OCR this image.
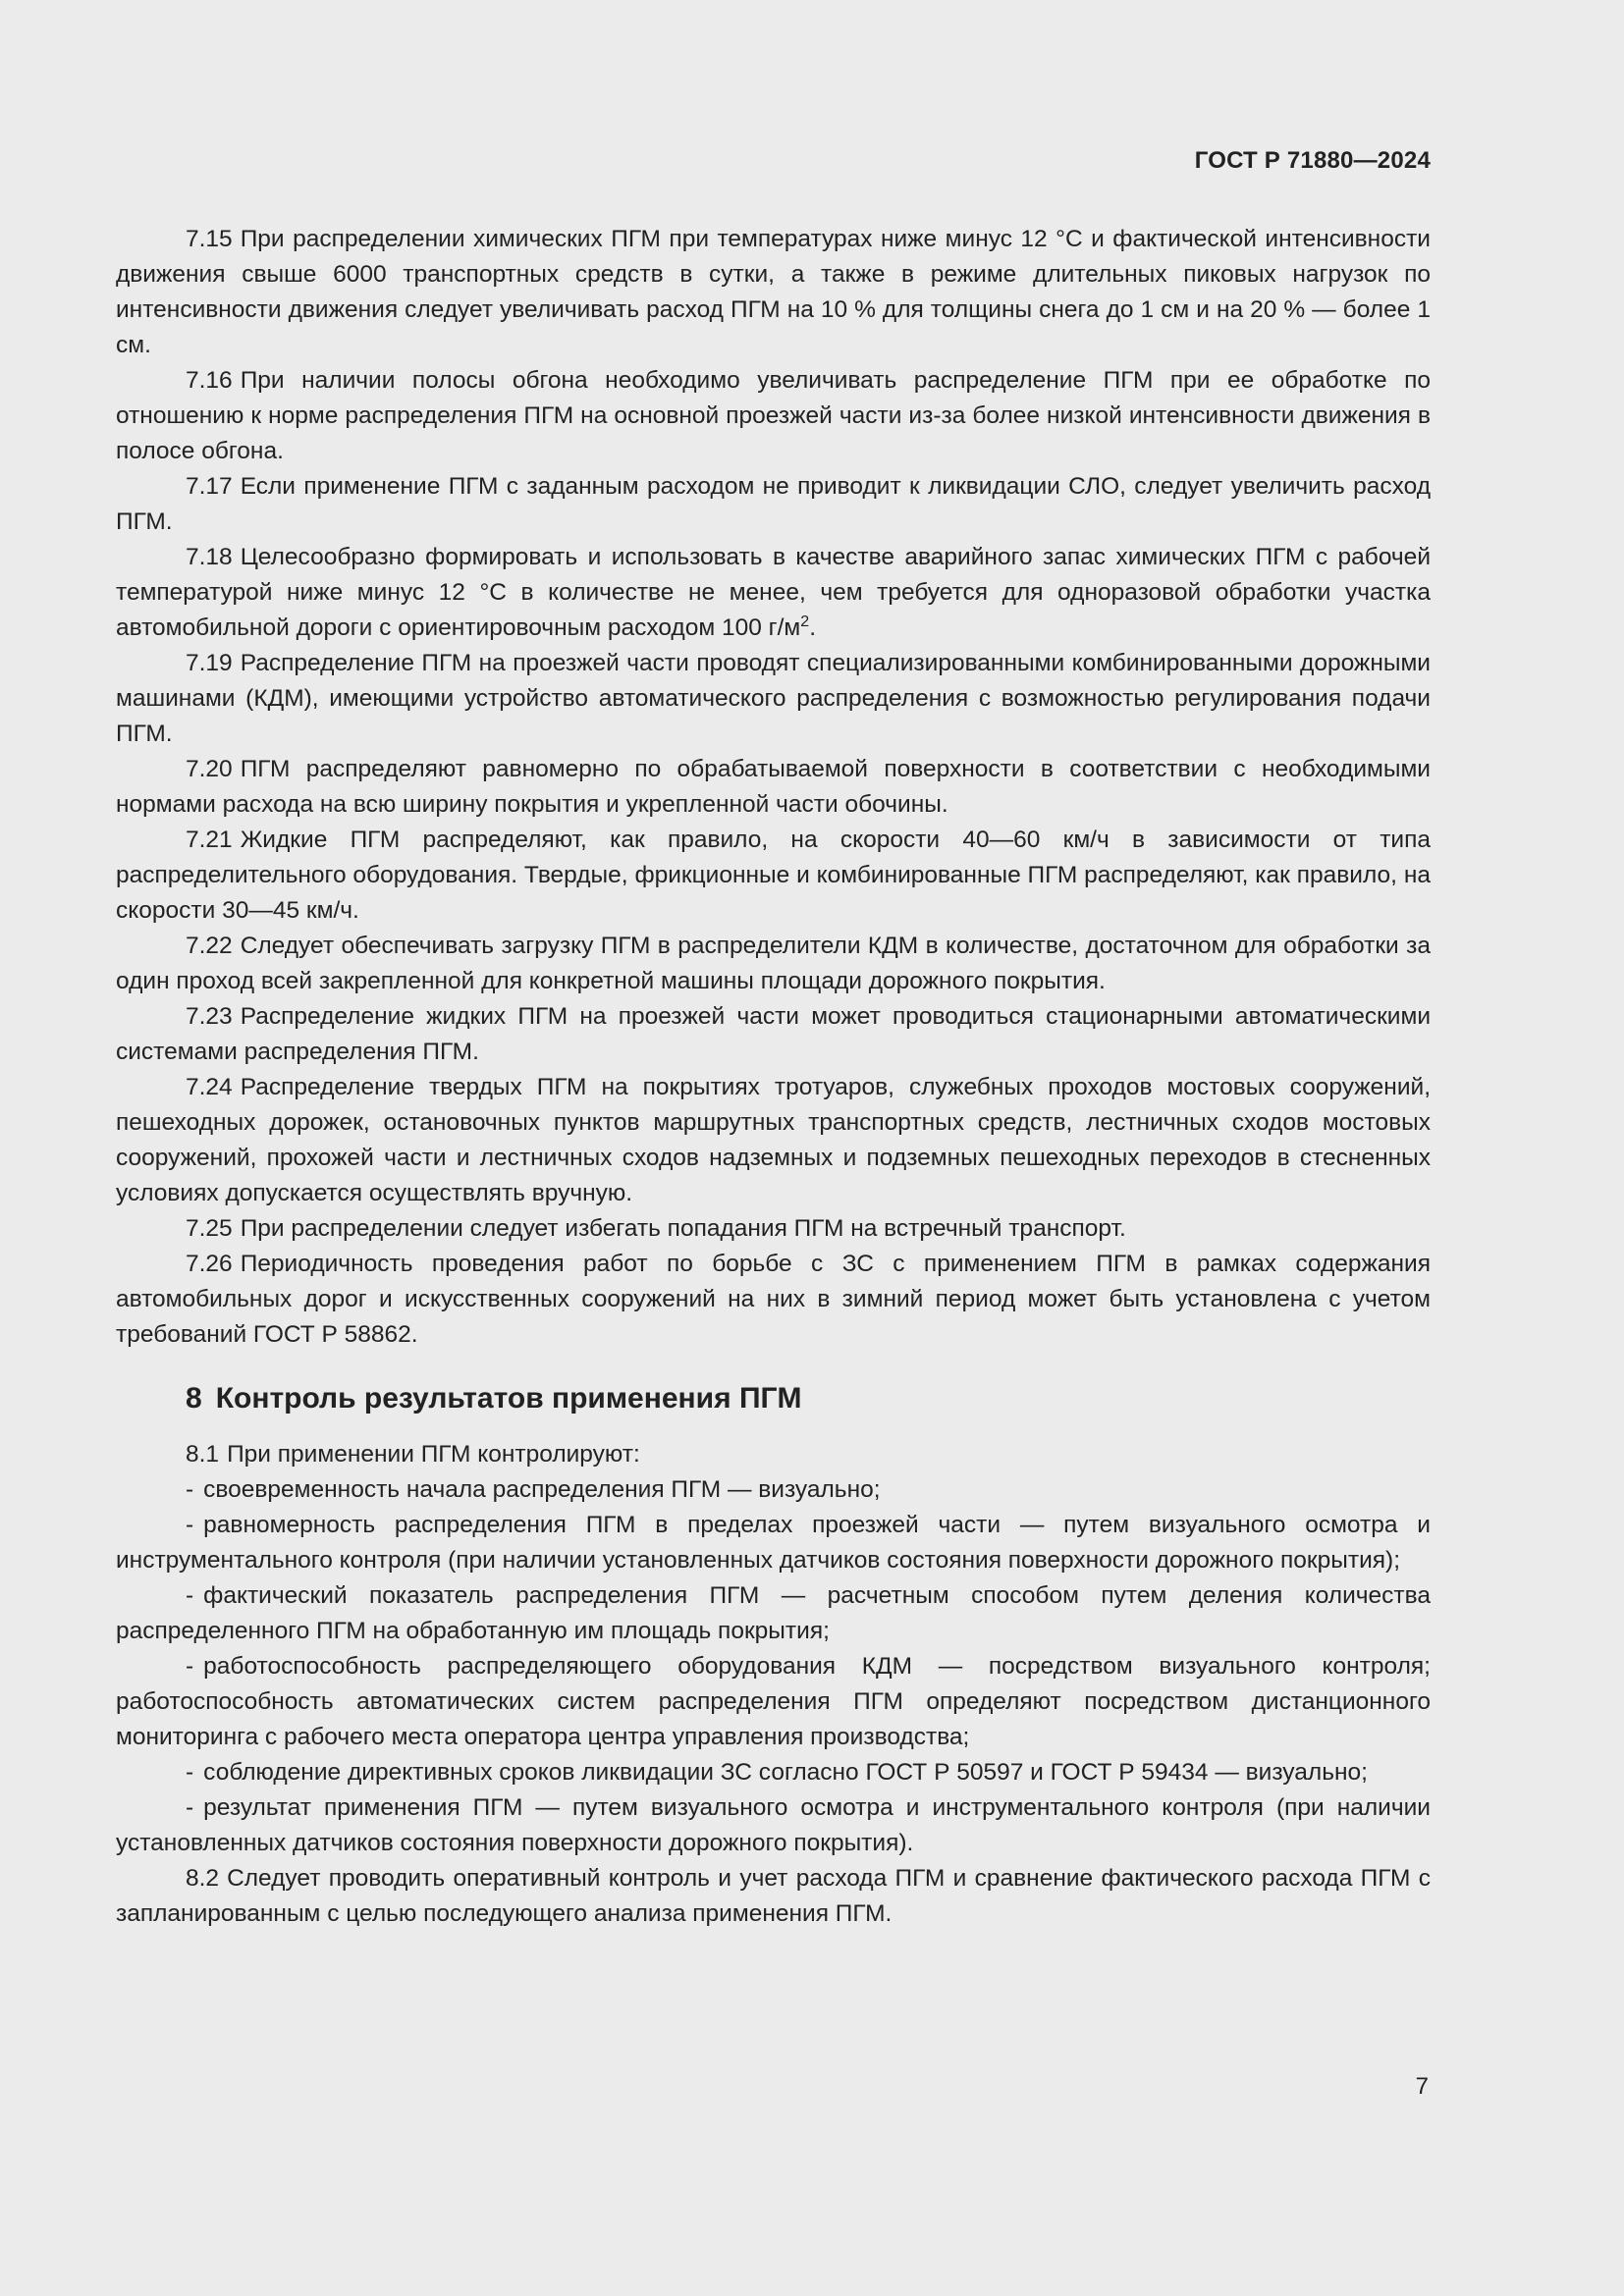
ГОСТ Р 71880—2024

7.15 При распределении химических ПГМ при температурах ниже минус 12 °С и фактической интенсивности движения свыше 6000 транспортных средств в сутки, а также в режиме длительных пиковых нагрузок по интенсивности движения следует увеличивать расход ПГМ на 10 % для толщины снега до 1 см и на 20 % — более 1 см.

7.16 При наличии полосы обгона необходимо увеличивать распределение ПГМ при ее обработке по отношению к норме распределения ПГМ на основной проезжей части из-за более низкой интенсивности движения в полосе обгона.

7.17 Если применение ПГМ с заданным расходом не приводит к ликвидации СЛО, следует увеличить расход ПГМ.

7.18 Целесообразно формировать и использовать в качестве аварийного запас химических ПГМ с рабочей температурой ниже минус 12 °С в количестве не менее, чем требуется для одноразовой обработки участка автомобильной дороги с ориентировочным расходом 100 $г/м^2$.

7.19 Распределение ПГМ на проезжей части проводят специализированными комбинированными дорожными машинами (КДМ), имеющими устройство автоматического распределения с возможностью регулирования подачи ПГМ.

7.20 ПГМ распределяют равномерно по обрабатываемой поверхности в соответствии с необходимыми нормами расхода на всю ширину покрытия и укрепленной части обочины.

7.21 Жидкие ПГМ распределяют, как правило, на скорости 40—60 км/ч в зависимости от типа распределительного оборудования. Твердые, фрикционные и комбинированные ПГМ распределяют, как правило, на скорости 30—45 км/ч.

7.22 Следует обеспечивать загрузку ПГМ в распределители КДМ в количестве, достаточном для обработки за один проход всей закрепленной для конкретной машины площади дорожного покрытия.

7.23 Распределение жидких ПГМ на проезжей части может проводиться стационарными автоматическими системами распределения ПГМ.

7.24 Распределение твердых ПГМ на покрытиях тротуаров, служебных проходов мостовых сооружений, пешеходных дорожек, остановочных пунктов маршрутных транспортных средств, лестничных сходов мостовых сооружений, прохожей части и лестничных сходов надземных и подземных пешеходных переходов в стесненных условиях допускается осуществлять вручную.

7.25 При распределении следует избегать попадания ПГМ на встречный транспорт.

7.26 Периодичность проведения работ по борьбе с ЗС с применением ПГМ в рамках содержания автомобильных дорог и искусственных сооружений на них в зимний период может быть установлена с учетом требований ГОСТ Р 58862.

8 Контроль результатов применения ПГМ

8.1 При применении ПГМ контролируют:

- своевременность начала распределения ПГМ — визуально;

- равномерность распределения ПГМ в пределах проезжей части — путем визуального осмотра и инструментального контроля (при наличии установленных датчиков состояния поверхности дорожного покрытия);

- фактический показатель распределения ПГМ — расчетным способом путем деления количества распределенного ПГМ на обработанную им площадь покрытия;

- работоспособность распределяющего оборудования КДМ — посредством визуального контроля; работоспособность автоматических систем распределения ПГМ определяют посредством дистанционного мониторинга с рабочего места оператора центра управления производства;

- соблюдение директивных сроков ликвидации ЗС согласно ГОСТ Р 50597 и ГОСТ Р 59434 — визуально;

- результат применения ПГМ — путем визуального осмотра и инструментального контроля (при наличии установленных датчиков состояния поверхности дорожного покрытия).

8.2 Следует проводить оперативный контроль и учет расхода ПГМ и сравнение фактического расхода ПГМ с запланированным с целью последующего анализа применения ПГМ.

7
